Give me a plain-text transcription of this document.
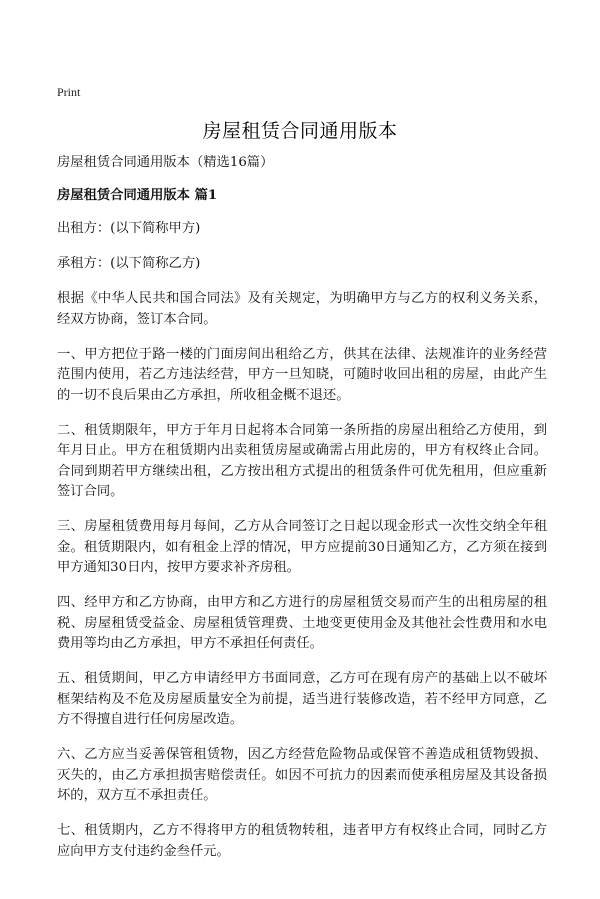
Print
房屋租赁合同通用版本

房屋租赁合同通用版本（精选16篇）

房屋租赁合同通用版本 篇1

出租方：(以下简称甲方)

承租方：(以下简称乙方)

根据《中华人民共和国合同法》及有关规定，为明确甲方与乙方的权利义务关系，经双方协商，签订本合同。

一、甲方把位于路一楼的门面房间出租给乙方，供其在法律、法规准许的业务经营范围内使用，若乙方违法经营，甲方一旦知晓，可随时收回出租的房屋，由此产生的一切不良后果由乙方承担，所收租金概不退还。

二、租赁期限年，甲方于年月日起将本合同第一条所指的房屋出租给乙方使用，到年月日止。甲方在租赁期内出卖租赁房屋或确需占用此房的，甲方有权终止合同。合同到期若甲方继续出租，乙方按出租方式提出的租赁条件可优先租用，但应重新签订合同。

三、房屋租赁费用每月每间，乙方从合同签订之日起以现金形式一次性交纳全年租金。租赁期限内，如有租金上浮的情况，甲方应提前30日通知乙方，乙方须在接到甲方通知30日内，按甲方要求补齐房租。

四、经甲方和乙方协商，由甲方和乙方进行的房屋租赁交易而产生的出租房屋的租税、房屋租赁受益金、房屋租赁管理费、土地变更使用金及其他社会性费用和水电费用等均由乙方承担，甲方不承担任何责任。

五、租赁期间，甲乙方申请经甲方书面同意，乙方可在现有房产的基础上以不破坏框架结构及不危及房屋质量安全为前提，适当进行装修改造，若不经甲方同意，乙方不得擅自进行任何房屋改造。

六、乙方应当妥善保管租赁物，因乙方经营危险物品或保管不善造成租赁物毁损、灭失的，由乙方承担损害赔偿责任。如因不可抗力的因素而使承租房屋及其设备损坏的，双方互不承担责任。

七、租赁期内，乙方不得将甲方的租赁物转租，违者甲方有权终止合同，同时乙方应向甲方支付违约金叁仟元。
